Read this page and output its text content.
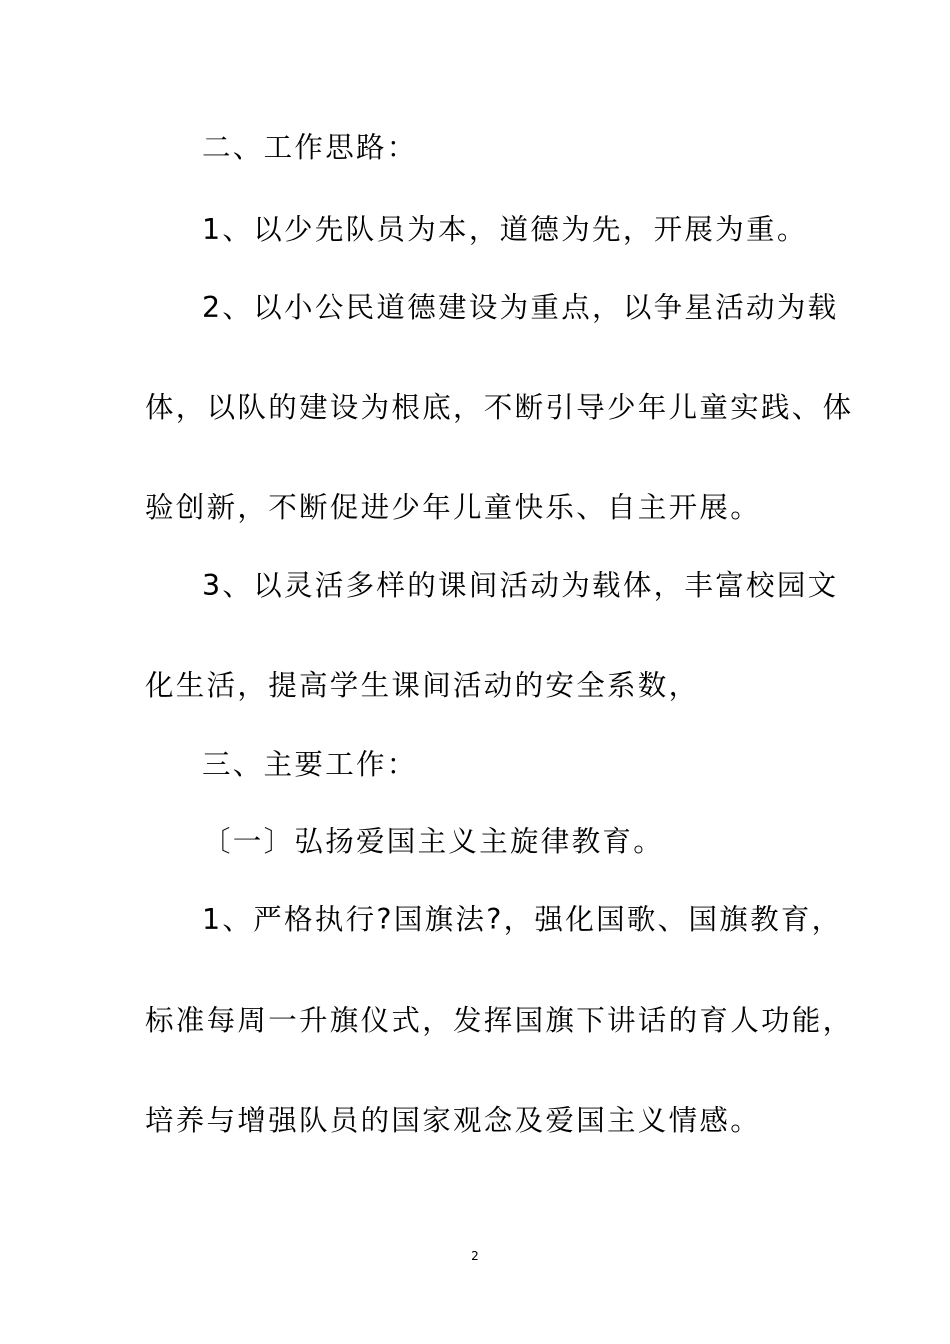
二、工作思路：
1、以少先队员为本，道德为先，开展为重。
2、以小公民道德建设为重点，以争星活动为载
体，以队的建设为根底，不断引导少年儿童实践、体
验创新，不断促进少年儿童快乐、自主开展。
3、以灵活多样的课间活动为载体，丰富校园文
化生活，提高学生课间活动的安全系数，
三、主要工作：
〔一〕弘扬爱国主义主旋律教育。
1、严格执行?国旗法?，强化国歌、国旗教育，
标准每周一升旗仪式，发挥国旗下讲话的育人功能，
培养与增强队员的国家观念及爱国主义情感。
2
